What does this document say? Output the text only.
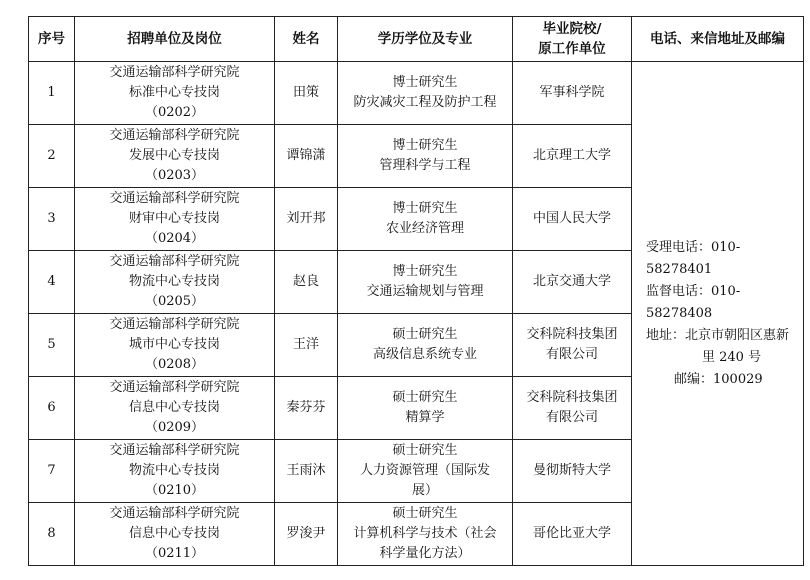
序号	招聘单位及岗位	姓名	学历学位及专业	毕业院校/
原工作单位	电话、来信地址及邮编
1	交通运输部科学研究院
标准中心专技岗
（0202）	田策	博士研究生
防灾减灾工程及防护工程	军事科学院	受理电话：010-58278401
监督电话：010-58278408
地址：北京市朝阳区惠新
里 240 号
邮编：100029

2	交通运输部科学研究院
发展中心专技岗
（0203）	谭锦潇	博士研究生
管理科学与工程	北京理工大学	
3	交通运输部科学研究院
财审中心专技岗
（0204）	刘开邦	博士研究生
农业经济管理	中国人民大学	
4	交通运输部科学研究院
物流中心专技岗
（0205）	赵良	博士研究生
交通运输规划与管理	北京交通大学	
5	交通运输部科学研究院
城市中心专技岗
（0208）	王洋	硕士研究生
高级信息系统专业	交科院科技集团
有限公司	

6	交通运输部科学研究院
信息中心专技岗
（0209）	秦芬芬	硕士研究生
精算学	交科院科技集团
有限公司	

7	交通运输部科学研究院
物流中心专技岗
（0210）	王雨沐	硕士研究生
人力资源管理（国际发
展）	曼彻斯特大学	
8	交通运输部科学研究院
信息中心专技岗
（0211）	罗浚尹	硕士研究生
计算机科学与技术（社会
科学量化方法）	哥伦比亚大学	
